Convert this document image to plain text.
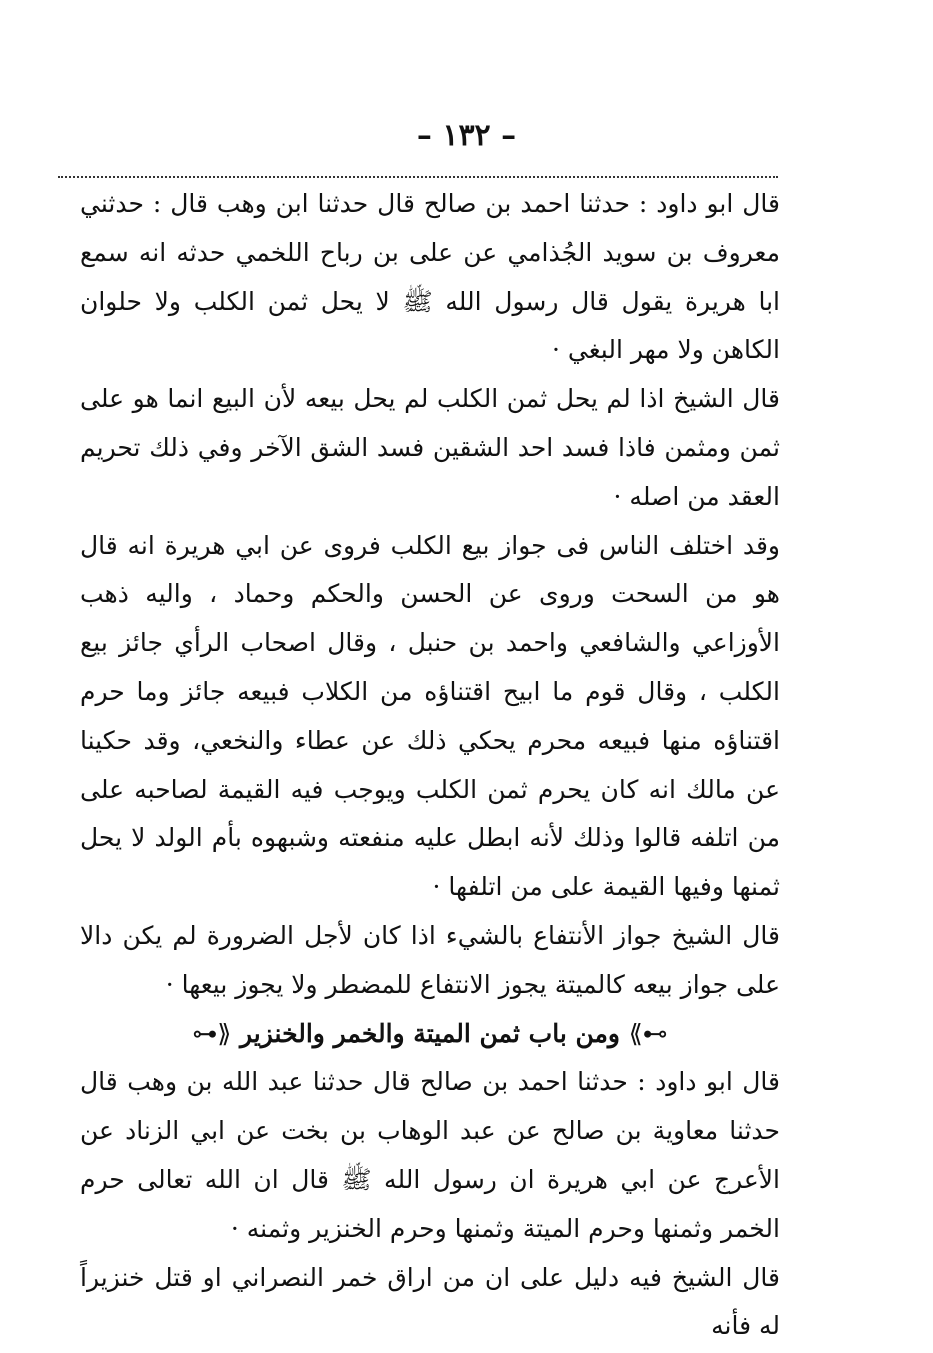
– ١٣٢ –

قال ابو داود : حدثنا احمد بن صالح قال حدثنا ابن وهب قال : حدثني معروف بن سويد الجُذامي عن على بن رباح اللخمي حدثه انه سمع ابا هريرة يقول قال رسول الله ﷺ لا يحل ثمن الكلب ولا حلوان الكاهن ولا مهر البغي ·

قال الشيخ اذا لم يحل ثمن الكلب لم يحل بيعه لأن البيع انما هو على ثمن ومثمن فاذا فسد احد الشقين فسد الشق الآخر وفي ذلك تحريم العقد من اصله ·

وقد اختلف الناس فى جواز بيع الكلب فروى عن ابي هريرة انه قال هو من السحت وروى عن الحسن والحكم وحماد ، واليه ذهب الأوزاعي والشافعي واحمد بن حنبل ، وقال اصحاب الرأي جائز بيع الكلب ، وقال قوم ما ابيح اقتناؤه من الكلاب فبيعه جائز وما حرم اقتناؤه منها فبيعه محرم يحكي ذلك عن عطاء والنخعي، وقد حكينا عن مالك انه كان يحرم ثمن الكلب ويوجب فيه القيمة لصاحبه على من اتلفه قالوا وذلك لأنه ابطل عليه منفعته وشبهوه بأم الولد لا يحل ثمنها وفيها القيمة على من اتلفها ·

قال الشيخ جواز الأنتفاع بالشيء اذا كان لأجل الضرورة لم يكن دالا على جواز بيعه كالميتة يجوز الانتفاع للمضطر ولا يجوز بيعها ·

⊶⟫ ومن باب ثمن الميتة والخمر والخنزير ⟪⊷

قال ابو داود : حدثنا احمد بن صالح قال حدثنا عبد الله بن وهب قال حدثنا معاوية بن صالح عن عبد الوهاب بن بخت عن ابي الزناد عن الأعرج عن ابي هريرة ان رسول الله ﷺ قال ان الله تعالى حرم الخمر وثمنها وحرم الميتة وثمنها وحرم الخنزير وثمنه ·

قال الشيخ فيه دليل على ان من اراق خمر النصراني او قتل خنزيراً له فأنه
